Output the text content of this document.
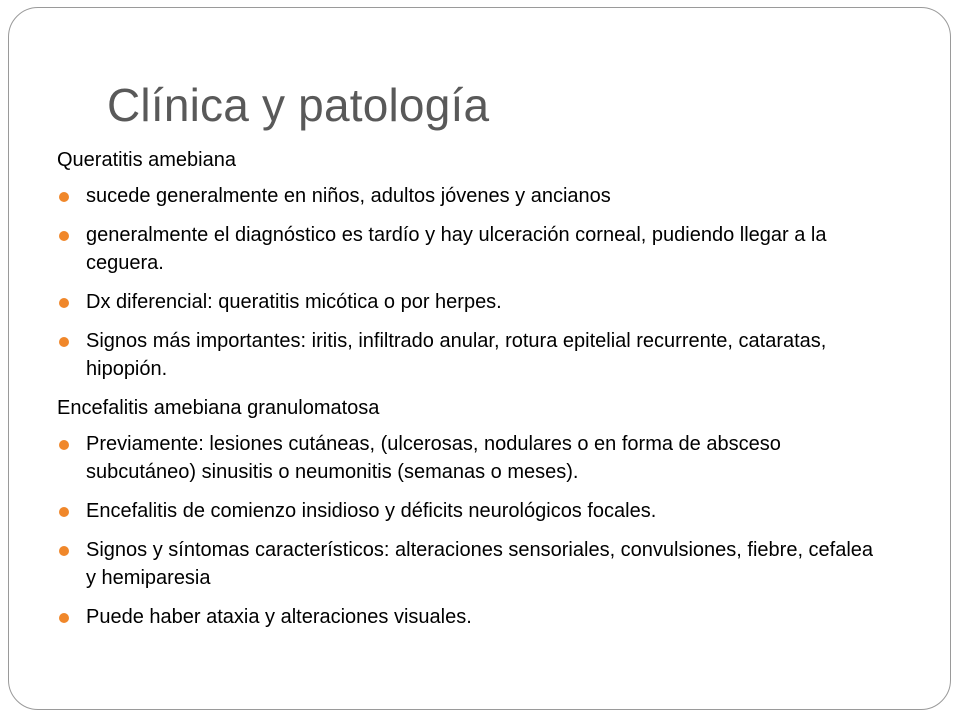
Clínica y patología
Queratitis amebiana
sucede generalmente en niños, adultos jóvenes y ancianos
generalmente el diagnóstico es tardío y hay ulceración corneal, pudiendo llegar a la ceguera.
Dx diferencial: queratitis micótica o por herpes.
Signos más importantes: iritis, infiltrado anular, rotura epitelial recurrente, cataratas, hipopión.
Encefalitis amebiana granulomatosa
Previamente: lesiones cutáneas, (ulcerosas, nodulares o en forma de absceso subcutáneo) sinusitis o neumonitis (semanas o meses).
Encefalitis de comienzo insidioso y déficits neurológicos focales.
Signos y síntomas característicos: alteraciones sensoriales, convulsiones, fiebre, cefalea y hemiparesia
Puede haber ataxia y alteraciones visuales.
